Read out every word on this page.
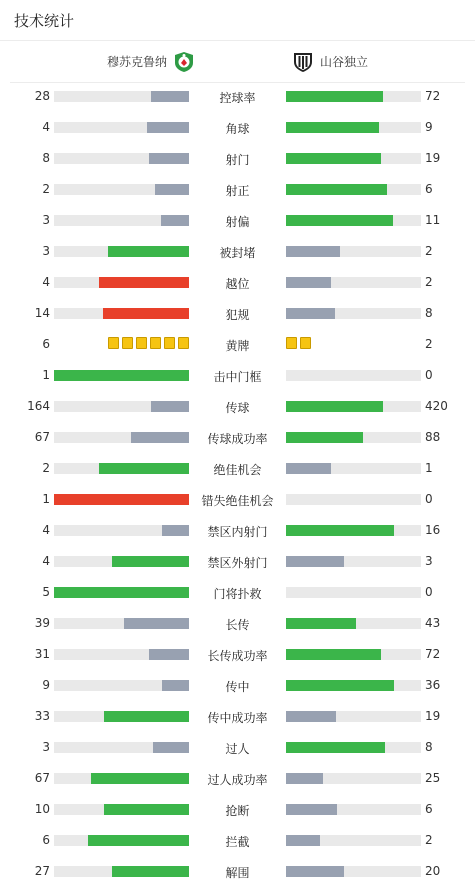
技术统计
穆苏克鲁纳	山谷独立
28	控球率	72
4	角球	9
8	射门	19
2	射正	6
3	射偏	11
3	被封堵	2
4	越位	2
14	犯规	8
6	黄牌	2
1	击中门框	0
164	传球	420
67	传球成功率	88
2	绝佳机会	1
1	错失绝佳机会	0
4	禁区内射门	16
4	禁区外射门	3
5	门将扑救	0
39	长传	43
31	长传成功率	72
9	传中	36
33	传中成功率	19
3	过人	8
67	过人成功率	25
10	抢断	6
6	拦截	2
27	解围	20
